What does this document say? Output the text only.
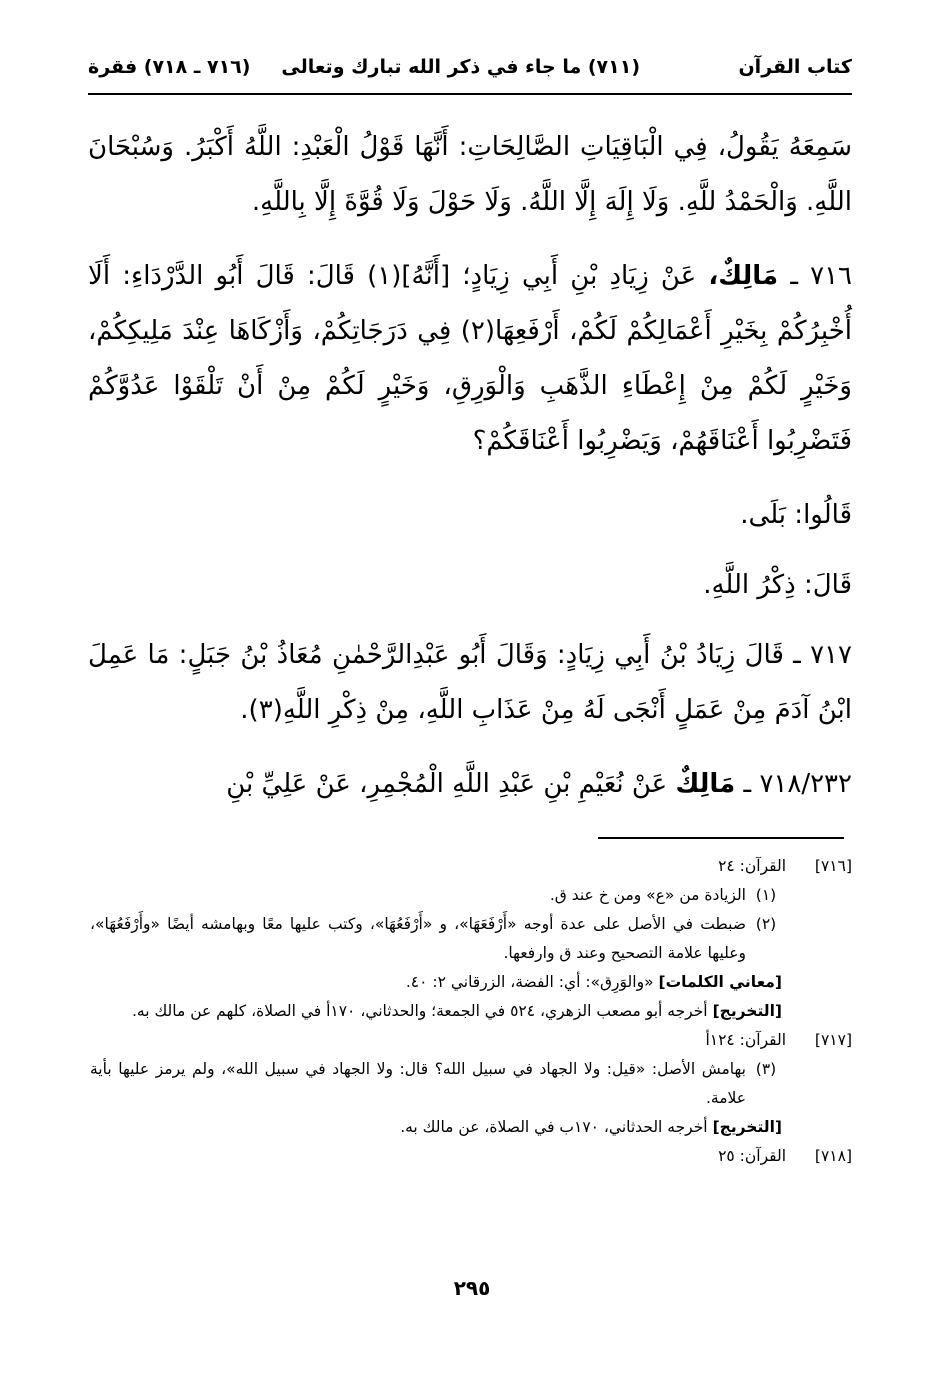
كتاب القرآن
(٧١١) ما جاء في ذكر الله تبارك وتعالى
(٧١٦ ـ ٧١٨) فقرة

سَمِعَهُ يَقُولُ، فِي الْبَاقِيَاتِ الصَّالِحَاتِ: أَنَّهَا قَوْلُ الْعَبْدِ: اللَّهُ أَكْبَرُ. وَسُبْحَانَ اللَّهِ. وَالْحَمْدُ للَّهِ. وَلَا إِلَهَ إِلَّا اللَّهُ. وَلَا حَوْلَ وَلَا قُوَّةَ إِلَّا بِاللَّهِ.

٧١٦ ـ مَالِكٌ، عَنْ زِيَادِ بْنِ أَبِي زِيَادٍ؛ [أَنَّهُ](١) قَالَ: قَالَ أَبُو الدَّرْدَاءِ: أَلَا أُخْبِرُكُمْ بِخَيْرِ أَعْمَالِكُمْ لَكُمْ، أَرْفَعِهَا(٢) فِي دَرَجَاتِكُمْ، وَأَزْكَاهَا عِنْدَ مَلِيكِكُمْ، وَخَيْرٍ لَكُمْ مِنْ إِعْطَاءِ الذَّهَبِ وَالْوَرِقِ، وَخَيْرٍ لَكُمْ مِنْ أَنْ تَلْقَوْا عَدُوَّكُمْ فَتَضْرِبُوا أَعْنَاقَهُمْ، وَيَضْرِبُوا أَعْنَاقَكُمْ؟

قَالُوا: بَلَى.

قَالَ: ذِكْرُ اللَّهِ.

٧١٧ ـ قَالَ زِيَادُ بْنُ أَبِي زِيَادٍ: وَقَالَ أَبُو عَبْدِالرَّحْمٰنِ مُعَاذُ بْنُ جَبَلٍ: مَا عَمِلَ ابْنُ آدَمَ مِنْ عَمَلٍ أَنْجَى لَهُ مِنْ عَذَابِ اللَّهِ، مِنْ ذِكْرِ اللَّهِ(٣).

٧١٨/٢٣٢ ـ مَالِكٌ عَنْ نُعَيْمِ بْنِ عَبْدِ اللَّهِ الْمُجْمِرِ، عَنْ عَلِيِّ بْنِ

[٧١٦]
القرآن: ٢٤
(١)
الزيادة من «ع» ومن خ عند ق.
(٢)
ضبطت في الأصل على عدة أوجه «أَرْفَعَهَا»، و «أَرْفَعُهَا»، وكتب عليها معًا وبهامشه أيضًا «وأَرْفَعُهَا»، وعليها علامة التصحيح وعند ق وارفعها.
[معاني الكلمات] «والوَرِق»: أي: الفضة، الزرقاني ٢: ٤٠.
[التخريج] أخرجه أبو مصعب الزهري، ٥٢٤ في الجمعة؛ والحدثاني، ١٧٠أ في الصلاة، كلهم عن مالك به.
[٧١٧]
القرآن: ١٢٤أ
(٣)
بهامش الأصل: «قيل: ولا الجهاد في سبيل الله؟ قال: ولا الجهاد في سبيل الله»، ولم يرمز عليها بأية علامة.
[التخريج] أخرجه الحدثاني، ١٧٠ب في الصلاة، عن مالك به.
[٧١٨]
القرآن: ٢٥
٢٩٥
